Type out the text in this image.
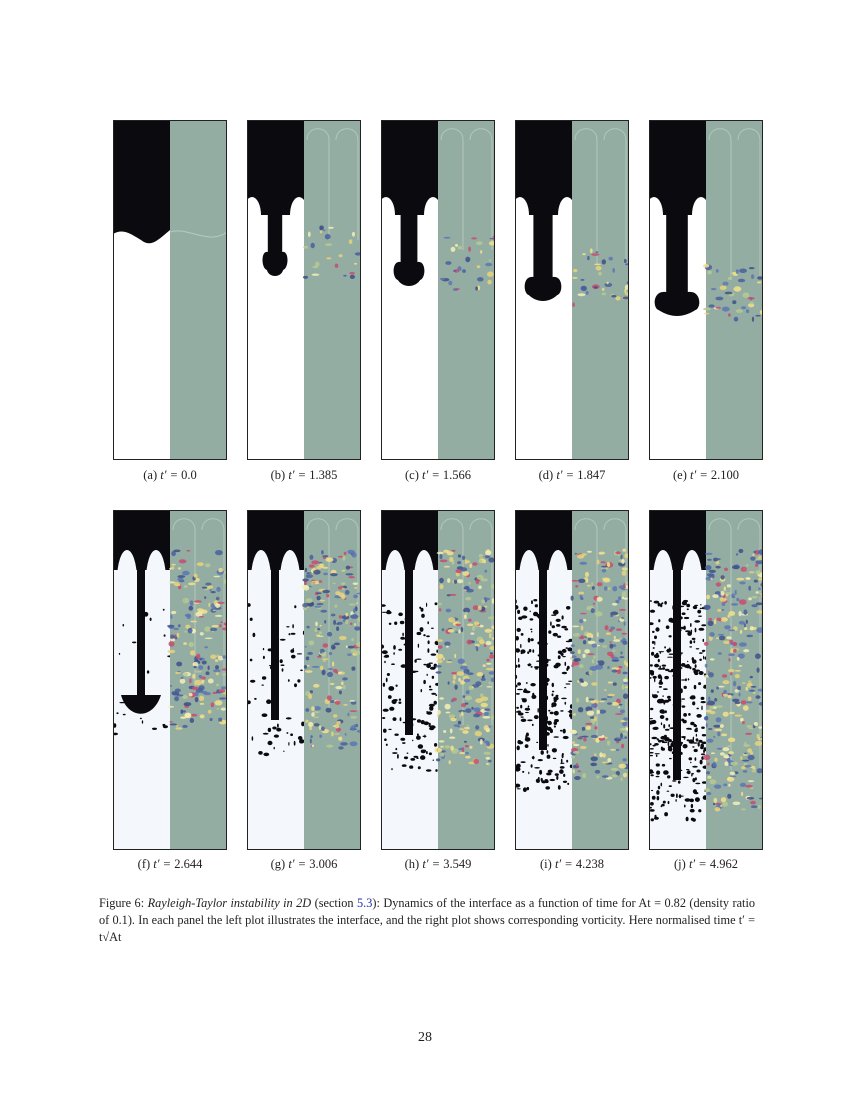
(a) t′ = 0.0	(b) t′ = 1.385	(c) t′ = 1.566	(d) t′ = 1.847	(e) t′ = 2.100
(f) t′ = 2.644	(g) t′ = 3.006	(h) t′ = 3.549	(i) t′ = 4.238	(j) t′ = 4.962
Figure 6: Rayleigh-Taylor instability in 2D (section 5.3): Dynamics of the interface as a function of time for At = 0.82 (density ratio of 0.1). In each panel the left plot illustrates the interface, and the right plot shows corresponding vorticity. Here normalised time t′ = t√At
28
